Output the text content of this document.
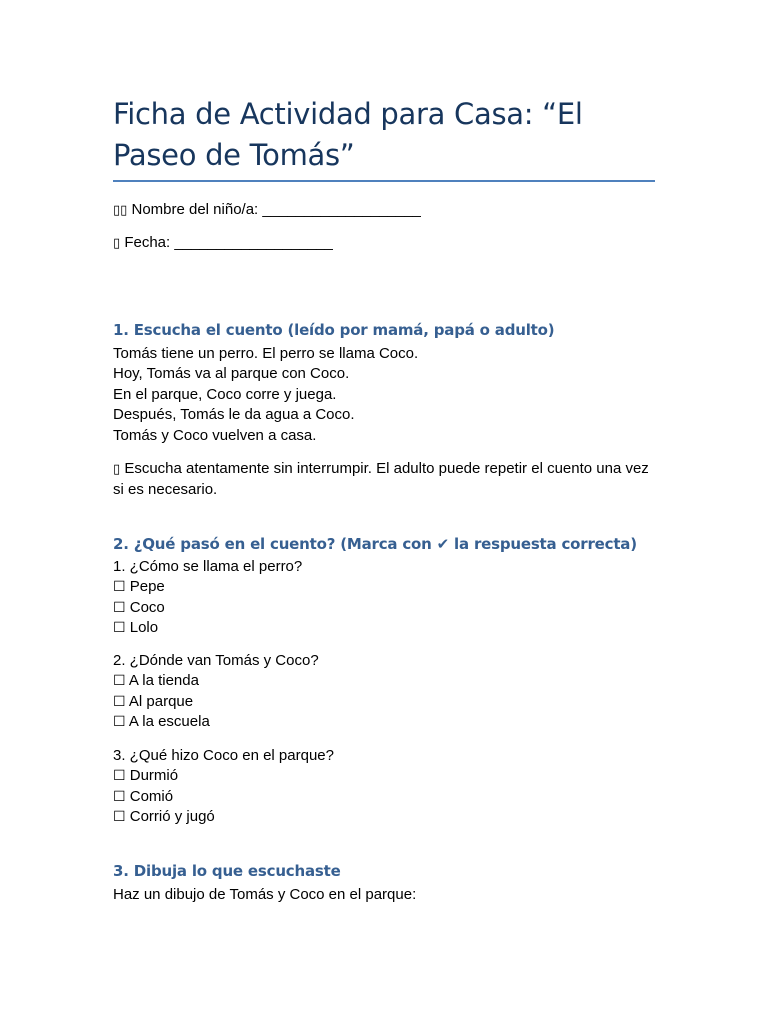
Ficha de Actividad para Casa: “El Paseo de Tomás”
▯▯ Nombre del niño/a: ___________________
▯ Fecha: ___________________
1. Escucha el cuento (leído por mamá, papá o adulto)
Tomás tiene un perro. El perro se llama Coco.
Hoy, Tomás va al parque con Coco.
En el parque, Coco corre y juega.
Después, Tomás le da agua a Coco.
Tomás y Coco vuelven a casa.
▯ Escucha atentamente sin interrumpir. El adulto puede repetir el cuento una vez si es necesario.
2. ¿Qué pasó en el cuento? (Marca con ✔ la respuesta correcta)
1. ¿Cómo se llama el perro?
☐ Pepe
☐ Coco
☐ Lolo
2. ¿Dónde van Tomás y Coco?
☐ A la tienda
☐ Al parque
☐ A la escuela
3. ¿Qué hizo Coco en el parque?
☐ Durmió
☐ Comió
☐ Corrió y jugó
3. Dibuja lo que escuchaste
Haz un dibujo de Tomás y Coco en el parque:
